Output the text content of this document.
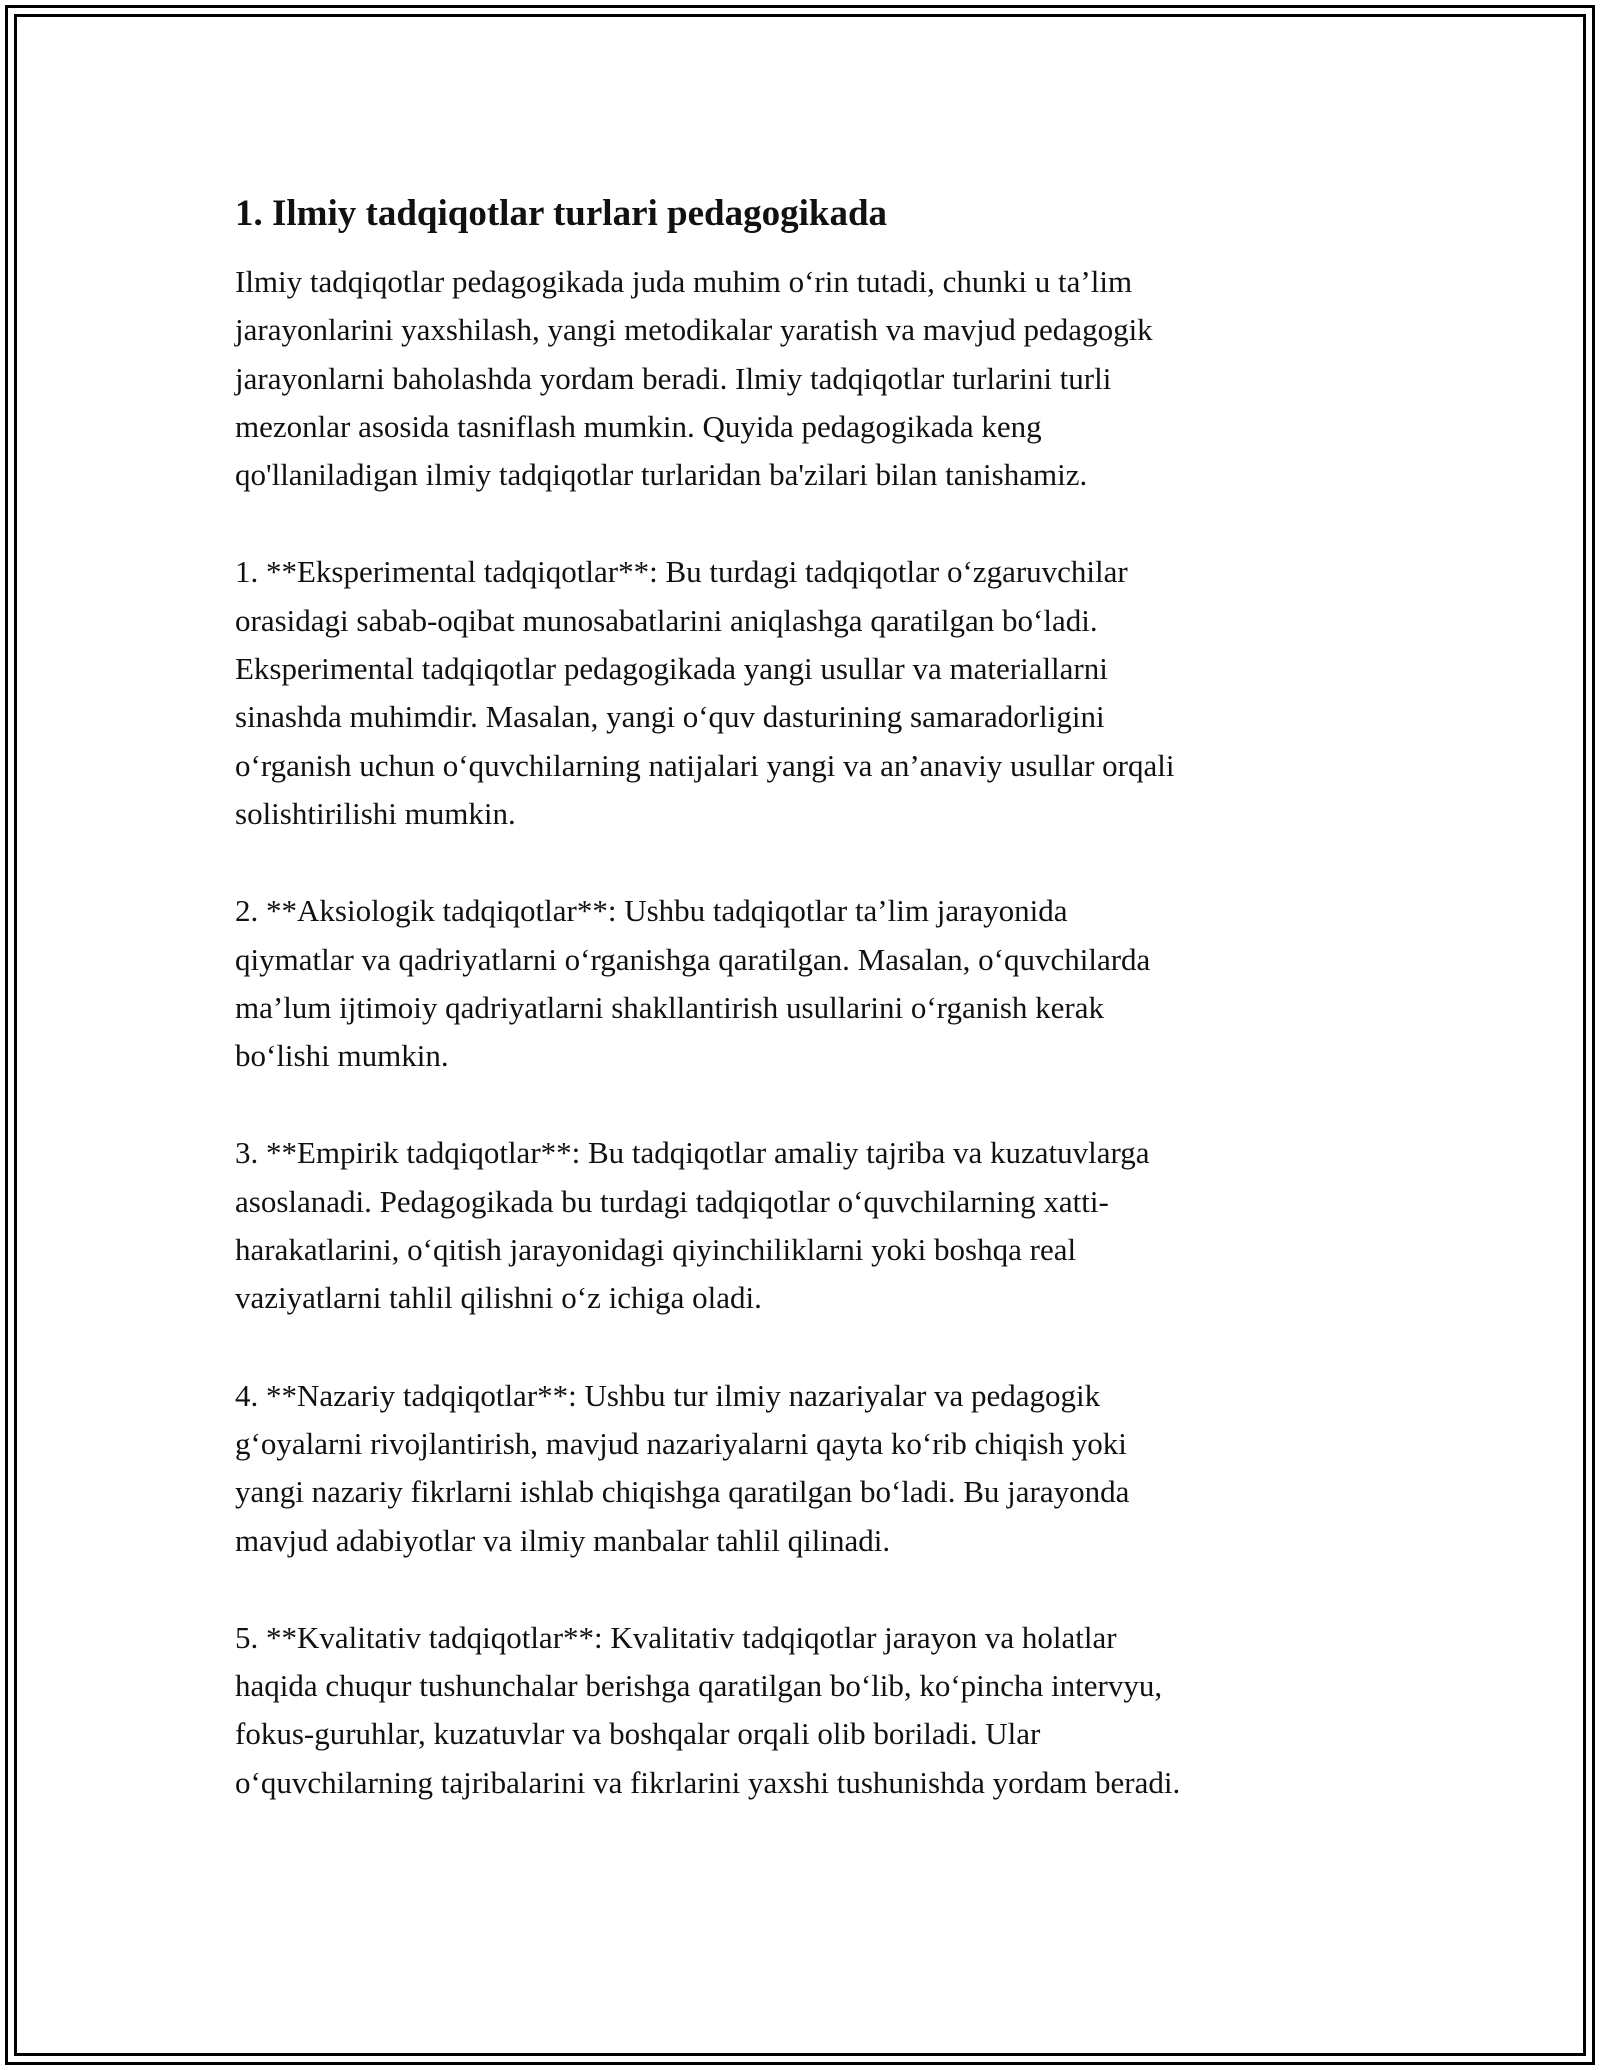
1. Ilmiy tadqiqotlar turlari pedagogikada

Ilmiy tadqiqotlar pedagogikada juda muhim o‘rin tutadi, chunki u ta’lim
jarayonlarini yaxshilash, yangi metodikalar yaratish va mavjud pedagogik
jarayonlarni baholashda yordam beradi. Ilmiy tadqiqotlar turlarini turli
mezonlar asosida tasniflash mumkin. Quyida pedagogikada keng
qo'llaniladigan ilmiy tadqiqotlar turlaridan ba'zilari bilan tanishamiz.

1. **Eksperimental tadqiqotlar**: Bu turdagi tadqiqotlar o‘zgaruvchilar
orasidagi sabab-oqibat munosabatlarini aniqlashga qaratilgan bo‘ladi.
Eksperimental tadqiqotlar pedagogikada yangi usullar va materiallarni
sinashda muhimdir. Masalan, yangi o‘quv dasturining samaradorligini
o‘rganish uchun o‘quvchilarning natijalari yangi va an’anaviy usullar orqali
solishtirilishi mumkin.

2. **Aksiologik tadqiqotlar**: Ushbu tadqiqotlar ta’lim jarayonida
qiymatlar va qadriyatlarni o‘rganishga qaratilgan. Masalan, o‘quvchilarda
ma’lum ijtimoiy qadriyatlarni shakllantirish usullarini o‘rganish kerak
bo‘lishi mumkin.

3. **Empirik tadqiqotlar**: Bu tadqiqotlar amaliy tajriba va kuzatuvlarga
asoslanadi. Pedagogikada bu turdagi tadqiqotlar o‘quvchilarning xatti-
harakatlarini, o‘qitish jarayonidagi qiyinchiliklarni yoki boshqa real
vaziyatlarni tahlil qilishni o‘z ichiga oladi.

4. **Nazariy tadqiqotlar**: Ushbu tur ilmiy nazariyalar va pedagogik
g‘oyalarni rivojlantirish, mavjud nazariyalarni qayta ko‘rib chiqish yoki
yangi nazariy fikrlarni ishlab chiqishga qaratilgan bo‘ladi. Bu jarayonda
mavjud adabiyotlar va ilmiy manbalar tahlil qilinadi.

5. **Kvalitativ tadqiqotlar**: Kvalitativ tadqiqotlar jarayon va holatlar
haqida chuqur tushunchalar berishga qaratilgan bo‘lib, ko‘pincha intervyu,
fokus-guruhlar, kuzatuvlar va boshqalar orqali olib boriladi. Ular
o‘quvchilarning tajribalarini va fikrlarini yaxshi tushunishda yordam beradi.
